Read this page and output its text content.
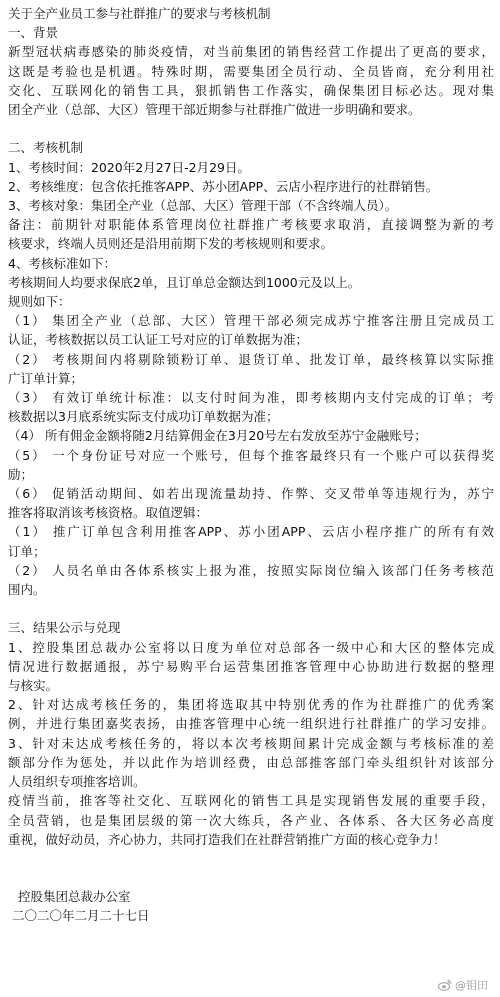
关于全产业员工参与社群推广的要求与考核机制
一、背景
新型冠状病毒感染的肺炎疫情，对当前集团的销售经营工作提出了更高的要求，
这既是考验也是机遇。特殊时期，需要集团全员行动、全员皆商，充分利用社
交化、互联网化的销售工具，狠抓销售工作落实，确保集团目标必达。现对集
团全产业（总部、大区）管理干部近期参与社群推广做进一步明确和要求。
二、考核机制
1、考核时间：2020年2月27日-2月29日。
2、考核维度：包含依托推客APP、苏小团APP、云店小程序进行的社群销售。
3、考核对象：集团全产业（总部、大区）管理干部（不含终端人员）。
备注：前期针对职能体系管理岗位社群推广考核要求取消，直接调整为新的考
核要求，终端人员则还是沿用前期下发的考核规则和要求。
4、考核标准如下：
考核期间人均要求保底2单，且订单总金额达到1000元及以上。
规则如下：
（1） 集团全产业（总部、大区）管理干部必须完成苏宁推客注册且完成员工
认证，考核数据以员工认证工号对应的订单数据为准；
（2） 考核期间内将剔除锁粉订单、退货订单、批发订单，最终核算以实际推
广订单计算；
（3） 有效订单统计标准：以支付时间为准，即考核期内支付完成的订单；考
核数据以3月底系统实际支付成功订单数据为准；
（4） 所有佣金金额将随2月结算佣金在3月20号左右发放至苏宁金融账号；
（5） 一个身份证号对应一个账号，但每个推客最终只有一个账户可以获得奖
励；
（6） 促销活动期间、如若出现流量劫持、作弊、交叉带单等违规行为，苏宁
推客将取消该考核资格。取值逻辑：
（1） 推广订单包含利用推客APP、苏小团APP、云店小程序推广的所有有效
订单；
（2） 人员名单由各体系核实上报为准，按照实际岗位编入该部门任务考核范
围内。
三、结果公示与兑现
1、控股集团总裁办公室将以日度为单位对总部各一级中心和大区的整体完成
情况进行数据通报，苏宁易购平台运营集团推客管理中心协助进行数据的整理
与核实。
2、针对达成考核任务的，集团将选取其中特别优秀的作为社群推广的优秀案
例，并进行集团嘉奖表扬，由推客管理中心统一组织进行社群推广的学习安排。
3、针对未达成考核任务的，将以本次考核期间累计完成金额与考核标准的差
额部分作为惩处，并以此作为培训经费，由总部推客部门牵头组织针对该部分
人员组织专项推客培训。
疫情当前，推客等社交化、互联网化的销售工具是实现销售发展的重要手段，
全员营销，也是集团层级的第一次大练兵，各产业、各体系、各大区务必高度
重视，做好动员，齐心协力，共同打造我们在社群营销推广方面的核心竞争力！
控股集团总裁办公室
二〇二〇年二月二十七日
@钼田
